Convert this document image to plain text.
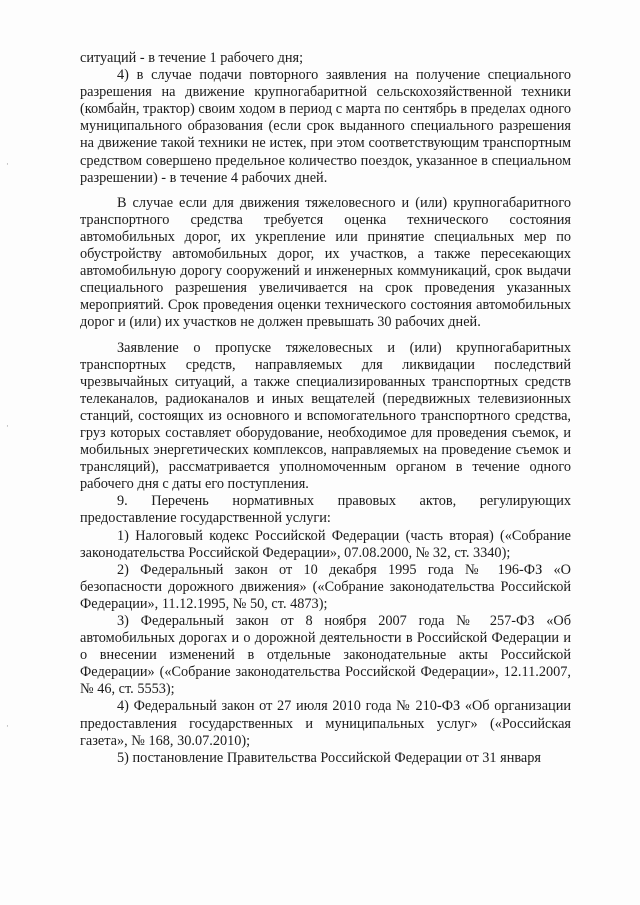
·
·
·

ситуаций - в течение 1 рабочего дня;

4) в случае подачи повторного заявления на получение специального разрешения на движение крупногабаритной сельскохозяйственной техники (комбайн, трактор) своим ходом в период с марта по сентябрь в пределах одного муниципального образования (если срок выданного специального разрешения на движение такой техники не истек, при этом соответствующим транспортным средством совершено предельное количество поездок, указанное в специальном разрешении) - в течение 4 рабочих дней.

В случае если для движения тяжеловесного и (или) крупногабаритного транспортного средства требуется оценка технического состояния автомобильных дорог, их укрепление или принятие специальных мер по обустройству автомобильных дорог, их участков, а также пересекающих автомобильную дорогу сооружений и инженерных коммуникаций, срок выдачи специального разрешения увеличивается на срок проведения указанных мероприятий. Срок проведения оценки технического состояния автомобильных дорог и (или) их участков не должен превышать 30 рабочих дней.

Заявление о пропуске тяжеловесных и (или) крупногабаритных транспортных средств, направляемых для ликвидации последствий чрезвычайных ситуаций, а также специализированных транспортных средств телеканалов, радиоканалов и иных вещателей (передвижных телевизионных станций, состоящих из основного и вспомогательного транспортного средства, груз которых составляет оборудование, необходимое для проведения съемок, и мобильных энергетических комплексов, направляемых на проведение съемок и трансляций), рассматривается уполномоченным органом в течение одного рабочего дня с даты его поступления.

9. Перечень нормативных правовых актов, регулирующих предоставление государственной услуги:

1) Налоговый кодекс Российской Федерации (часть вторая) («Собрание законодательства Российской Федерации», 07.08.2000, № 32, ст. 3340);

2) Федеральный закон от 10 декабря 1995 года № 196-ФЗ «О безопасности дорожного движения» («Собрание законодательства Российской Федерации», 11.12.1995, № 50, ст. 4873);

3) Федеральный закон от 8 ноября 2007 года № 257-ФЗ «Об автомобильных дорогах и о дорожной деятельности в Российской Федерации и о внесении изменений в отдельные законодательные акты Российской Федерации» («Собрание законодательства Российской Федерации», 12.11.2007, № 46, ст. 5553);

4) Федеральный закон от 27 июля 2010 года № 210-ФЗ «Об организации предоставления государственных и муниципальных услуг» («Российская газета», № 168, 30.07.2010);

5) постановление Правительства Российской Федерации от 31 января
